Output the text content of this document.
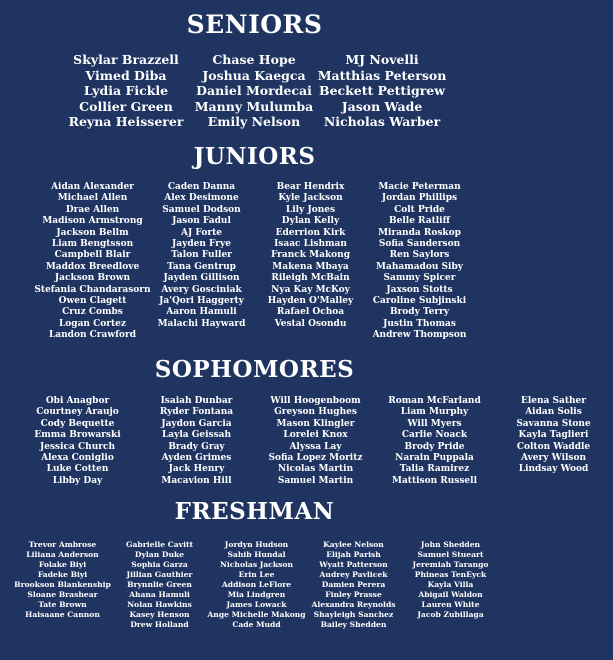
SENIORS
Skylar Brazzell
Vimed Diba
Lydia Fickle
Collier Green
Reyna Heisserer
Chase Hope
Joshua Kaegca
Daniel Mordecai
Manny Mulumba
Emily Nelson
MJ Novelli
Matthias Peterson
Beckett Pettigrew
Jason Wade
Nicholas Warber
JUNIORS
Aidan Alexander
Michael Allen
Drae Allen
Madison Armstrong
Jackson Bellm
Liam Bengtsson
Campbell Blair
Maddox Breedlove
Jackson Brown
Stefania Chandarasorn
Owen Clagett
Cruz Combs
Logan Cortez
Landon Crawford
Caden Danna
Alex Desimone
Samuel Dodson
Jason Fadul
AJ Forte
Jayden Frye
Talon Fuller
Tana Gentrup
Jayden Gillison
Avery Gosciniak
Ja'Qori Haggerty
Aaron Hamuli
Malachi Hayward
Bear Hendrix
Kyle Jackson
Lily Jones
Dylan Kelly
Ederrion Kirk
Isaac Lishman
Franck Makong
Makena Mbaya
Rileigh McBain
Nya Kay McKoy
Hayden O'Malley
Rafael Ochoa
Vestal Osondu
Macie Peterman
Jordan Phillips
Colt Pride
Belle Ratliff
Miranda Roskop
Sofia Sanderson
Ren Saylors
Mahamadou Siby
Sammy Spicer
Jaxson Stotts
Caroline Subjinski
Brody Terry
Justin Thomas
Andrew Thompson
SOPHOMORES
Obi Anagbor
Courtney Araujo
Cody Bequette
Emma Browarski
Jessica Church
Alexa Coniglio
Luke Cotten
Libby Day
Isaiah Dunbar
Ryder Fontana
Jaydon Garcia
Layla Geissah
Brady Gray
Ayden Grimes
Jack Henry
Macavion Hill
Will Hoogenboom
Greyson Hughes
Mason Klingler
Lorelei Knox
Alyssa Lay
Sofia Lopez Moritz
Nicolas Martin
Samuel Martin
Roman McFarland
Liam Murphy
Will Myers
Carlie Noack
Brody Pride
Narain Puppala
Talia Ramirez
Mattison Russell
Elena Sather
Aidan Solis
Savanna Stone
Kayla Taglieri
Colton Waddle
Avery Wilson
Lindsay Wood
FRESHMAN
Trevor Ambrose
Liliana Anderson
Folake Biyi
Fadeke Biyi
Brookson Blankenship
Sloane Brashear
Tate Brown
Haisaane Cannon
Gabrielle Cavitt
Dylan Duke
Sophia Garza
Jillian Gauthier
Brynnlie Green
Ahana Hamuli
Nolan Hawkins
Kasey Henson
Drew Holland
Jordyn Hudson
Sahib Hundal
Nicholas Jackson
Erin Lee
Addison LeFlore
Mia Lindgren
James Lowack
Ange Michelle Makong
Cade Mudd
Kaylee Nelson
Elijah Parish
Wyatt Patterson
Audrey Pavlicek
Damien Perera
Finley Prasse
Alexandra Reynolds
Shayleigh Sanchez
Bailey Shedden
John Shedden
Samuel Stueart
Jeremiah Tarango
Phineas TenEyck
Kayla Villa
Abigail Waldon
Lauren White
Jacob Zubillaga
